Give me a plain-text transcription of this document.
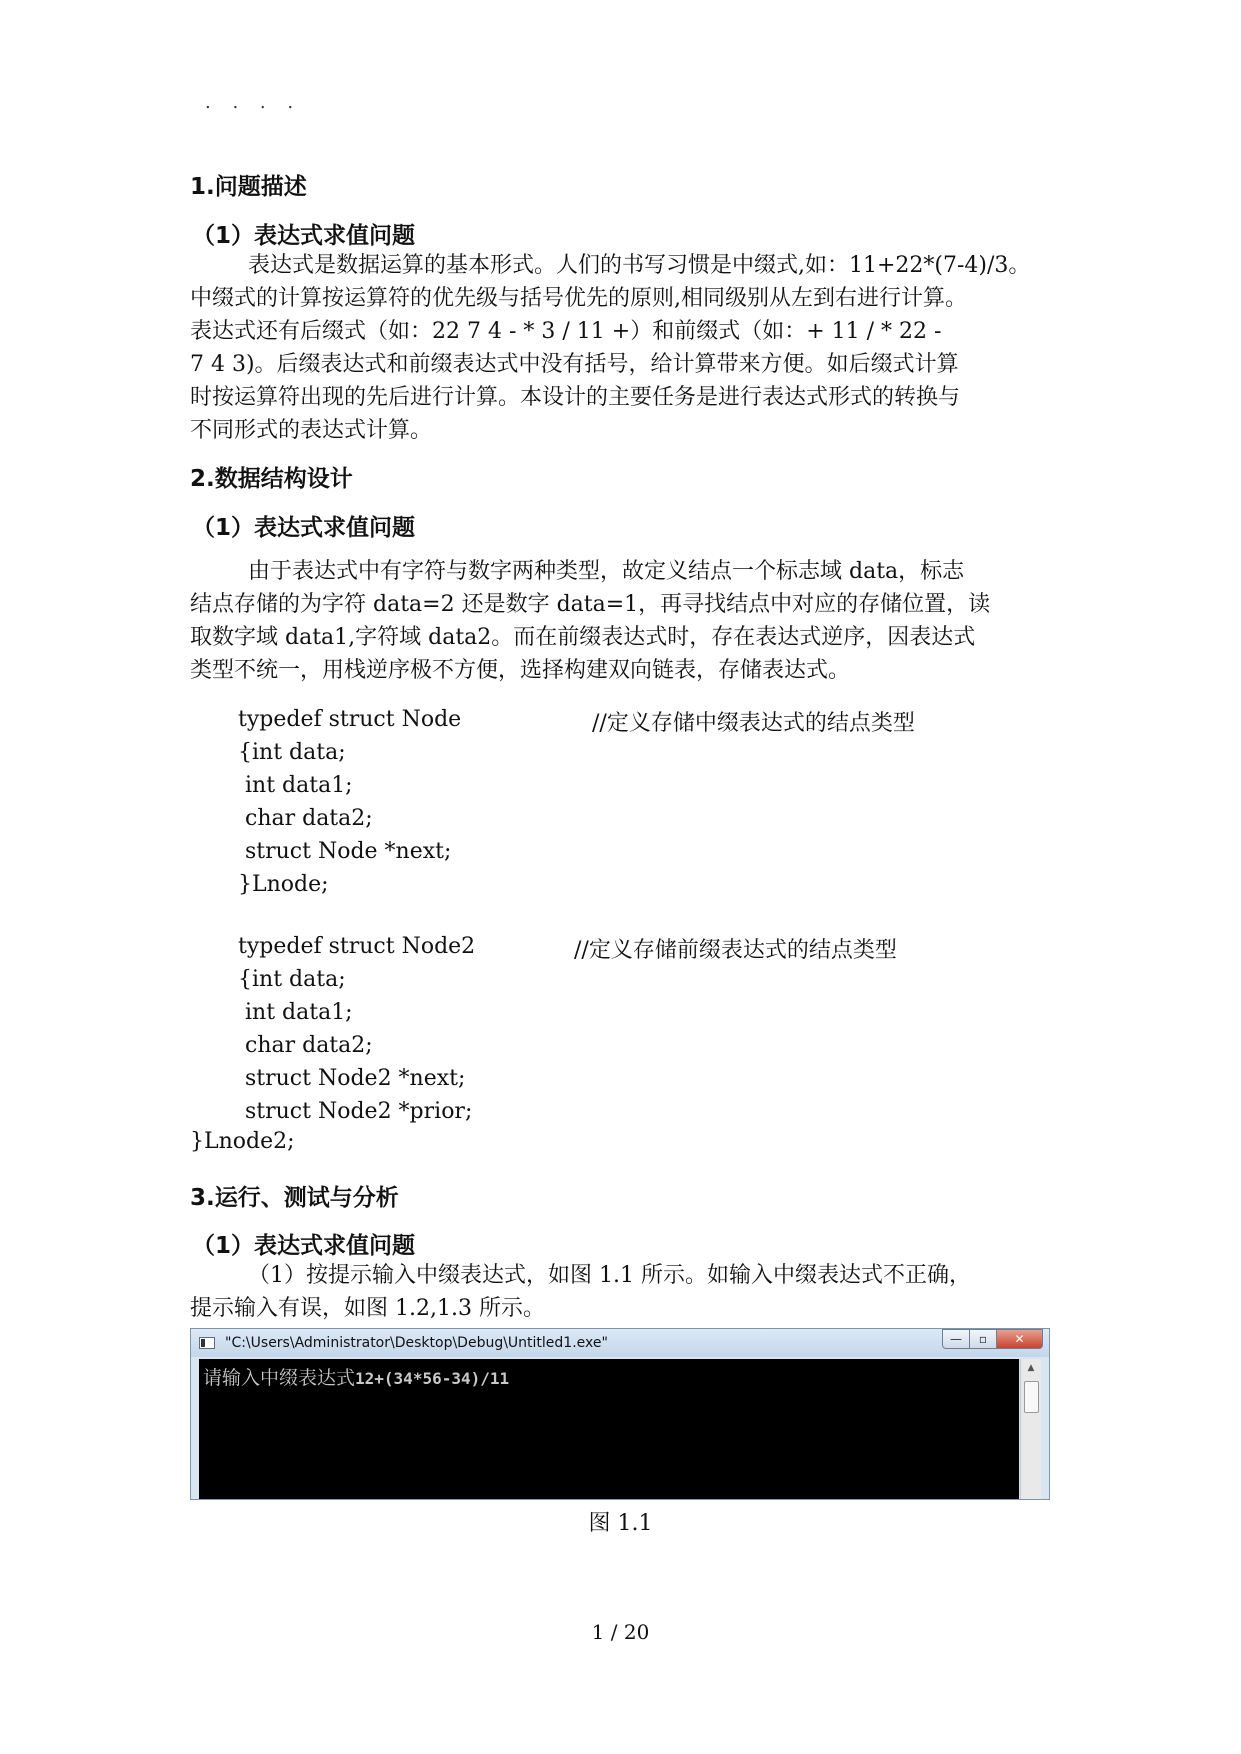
. . . .
1.问题描述
（1）表达式求值问题
表达式是数据运算的基本形式。人们的书写习惯是中缀式,如：11+22*(7-4)/3。
中缀式的计算按运算符的优先级与括号优先的原则,相同级别从左到右进行计算。
表达式还有后缀式（如：22 7 4 - * 3 / 11 +）和前缀式（如：+ 11 / * 22 -
7 4 3)。后缀表达式和前缀表达式中没有括号，给计算带来方便。如后缀式计算
时按运算符出现的先后进行计算。本设计的主要任务是进行表达式形式的转换与
不同形式的表达式计算。
2.数据结构设计
（1）表达式求值问题
由于表达式中有字符与数字两种类型，故定义结点一个标志域 data，标志
结点存储的为字符 data=2 还是数字 data=1，再寻找结点中对应的存储位置，读
取数字域 data1,字符域 data2。而在前缀表达式时，存在表达式逆序，因表达式
类型不统一，用栈逆序极不方便，选择构建双向链表，存储表达式。
typedef struct Node
{int data;
int data1;
char data2;
struct Node *next;
}Lnode;
//定义存储中缀表达式的结点类型
typedef struct Node2
{int data;
int data1;
char data2;
struct Node2 *next;
struct Node2 *prior;
//定义存储前缀表达式的结点类型
}Lnode2;
3.运行、测试与分析
（1）表达式求值问题
（1）按提示输入中缀表达式，如图 1.1 所示。如输入中缀表达式不正确，
提示输入有误，如图 1.2,1.3 所示。
"C:\Users\Administrator\Desktop\Debug\Untitled1.exe"	—	▫	✕
请输入中缀表达式12+(34*56-34)/11
▲
图 1.1
1 / 20
